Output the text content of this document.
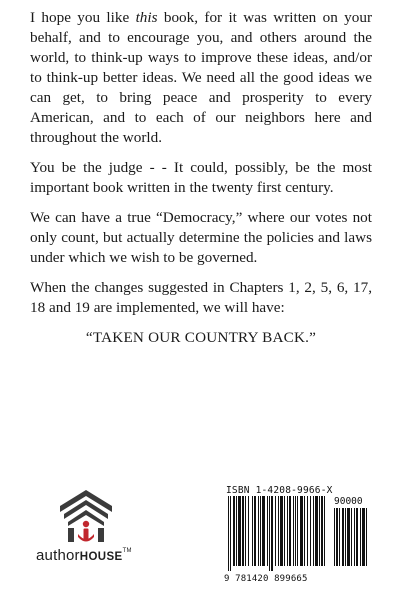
I hope you like this book, for it was written on your behalf, and to encourage you, and others around the world, to think-up ways to improve these ideas, and/or to think-up better ideas. We need all the good ideas we can get, to bring peace and prosperity to every American, and to each of our neighbors here and throughout the world.

You be the judge - - It could, possibly, be the most important book written in the twenty first century.

We can have a true “Democracy,” where our votes not only count, but actually determine the policies and laws under which we wish to be governed.

When the changes suggested in Chapters 1, 2, 5, 6, 17, 18 and 19 are implemented, we will have:

“TAKEN OUR COUNTRY BACK.”

authorHOUSE™
ISBN 1-4208-9966-X
90000
9 781420 899665
